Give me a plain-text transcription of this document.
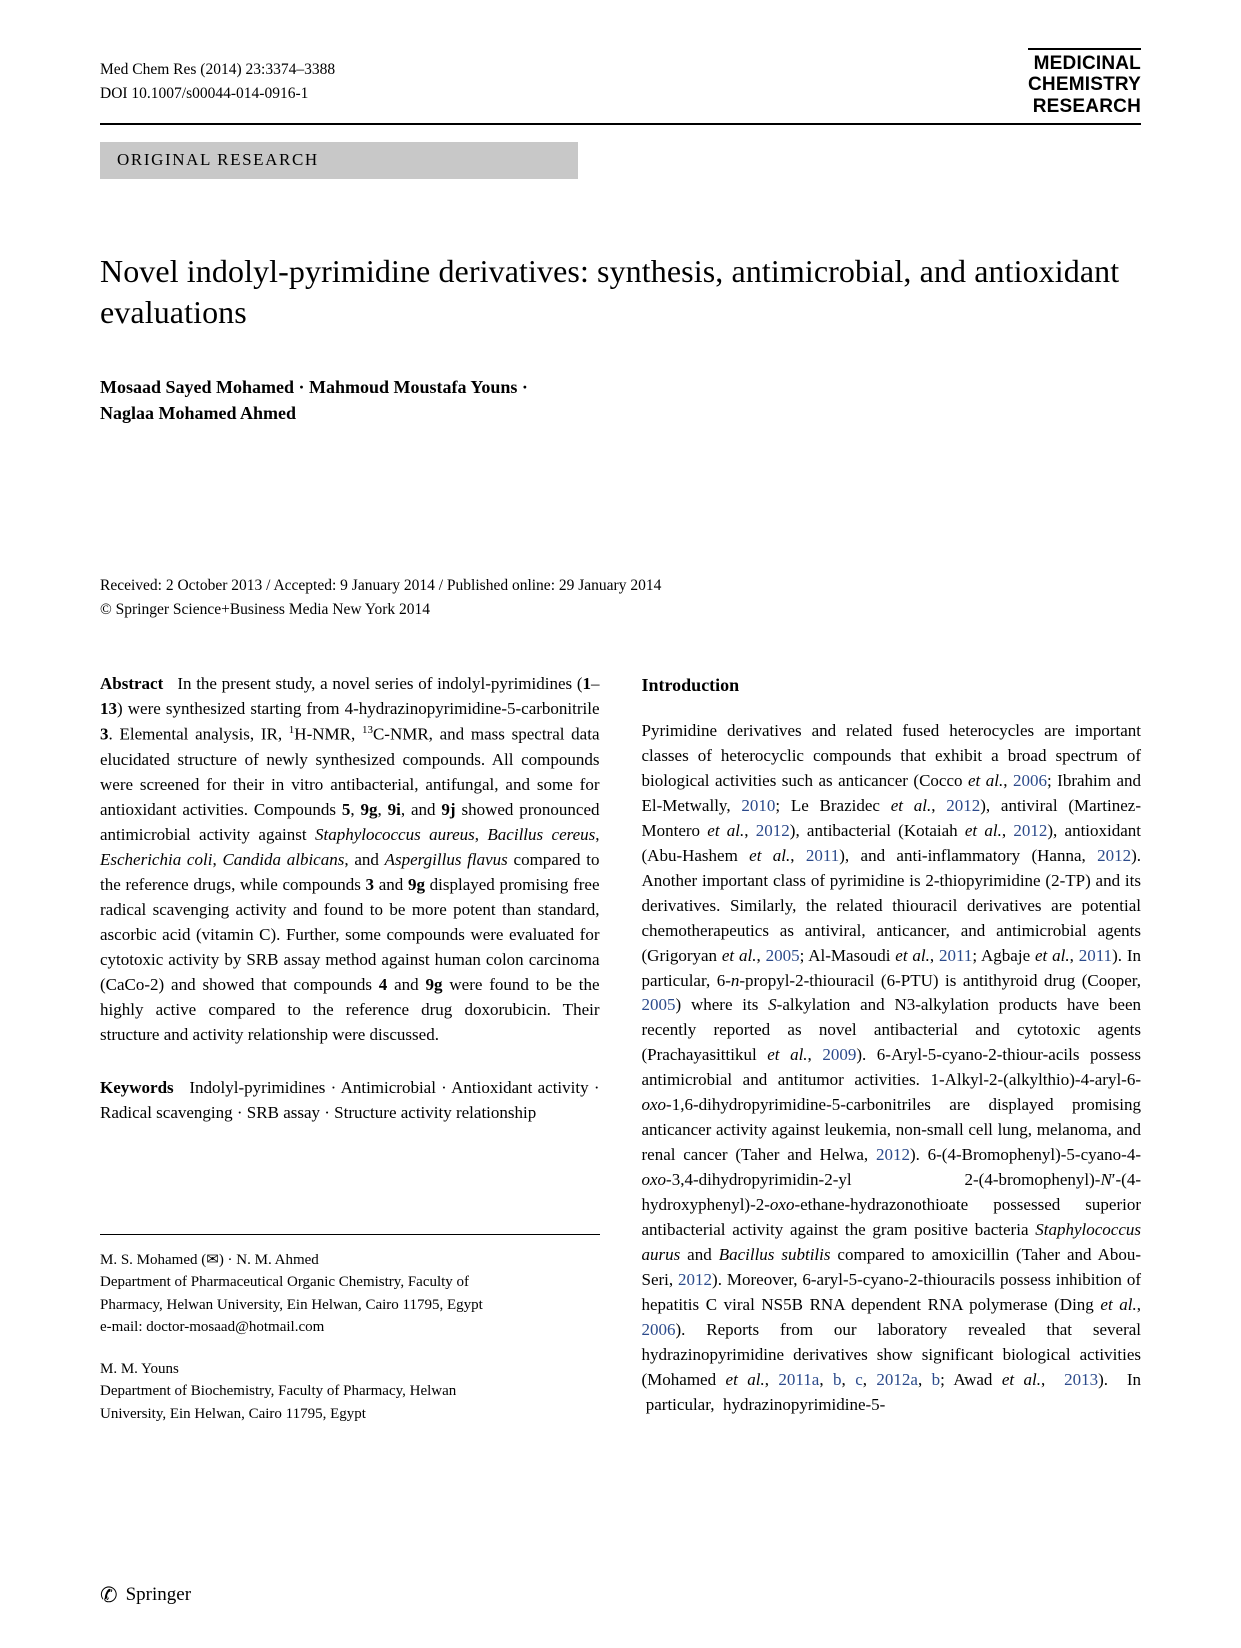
Med Chem Res (2014) 23:3374–3388
DOI 10.1007/s00044-014-0916-1
MEDICINAL
CHEMISTRY
RESEARCH
ORIGINAL RESEARCH
Novel indolyl-pyrimidine derivatives: synthesis, antimicrobial, and antioxidant evaluations
Mosaad Sayed Mohamed · Mahmoud Moustafa Youns ·
Naglaa Mohamed Ahmed
Received: 2 October 2013 / Accepted: 9 January 2014 / Published online: 29 January 2014
© Springer Science+Business Media New York 2014

Abstract   In the present study, a novel series of indolyl-pyrimidines (1–13) were synthesized starting from 4-hydrazinopyrimidine-5-carbonitrile 3. Elemental analysis, IR, $^1$H-NMR, $^{13}$C-NMR, and mass spectral data elucidated structure of newly synthesized compounds. All compounds were screened for their in vitro antibacterial, antifungal, and some for antioxidant activities. Compounds 5, 9g, 9i, and 9j showed pronounced antimicrobial activity against Staphylococcus aureus, Bacillus cereus, Escherichia coli, Candida albicans, and Aspergillus flavus compared to the reference drugs, while compounds 3 and 9g displayed promising free radical scavenging activity and found to be more potent than standard, ascorbic acid (vitamin C). Further, some compounds were evaluated for cytotoxic activity by SRB assay method against human colon carcinoma (CaCo-2) and showed that compounds 4 and 9g were found to be the highly active compared to the reference drug doxorubicin. Their structure and activity relationship were discussed.

Keywords   Indolyl-pyrimidines · Antimicrobial · Antioxidant activity · Radical scavenging · SRB assay · Structure activity relationship

M. S. Mohamed (✉) · N. M. Ahmed

Department of Pharmaceutical Organic Chemistry, Faculty of

Pharmacy, Helwan University, Ein Helwan, Cairo 11795, Egypt

e-mail: doctor-mosaad@hotmail.com

M. M. Youns

Department of Biochemistry, Faculty of Pharmacy, Helwan

University, Ein Helwan, Cairo 11795, Egypt

Introduction

Pyrimidine derivatives and related fused heterocycles are important classes of heterocyclic compounds that exhibit a broad spectrum of biological activities such as anticancer (Cocco et al., 2006; Ibrahim and El-Metwally, 2010; Le Brazidec et al., 2012), antiviral (Martinez-Montero et al., 2012), antibacterial (Kotaiah et al., 2012), antioxidant (Abu-Hashem et al., 2011), and anti-inflammatory (Hanna, 2012). Another important class of pyrimidine is 2-thiopyrimidine (2-TP) and its derivatives. Similarly, the related thiouracil derivatives are potential chemotherapeutics as antiviral, anticancer, and antimicrobial agents (Grigoryan et al., 2005; Al-Masoudi et al., 2011; Agbaje et al., 2011). In particular, 6-n-propyl-2-thiouracil (6-PTU) is antithyroid drug (Cooper, 2005) where its S-alkylation and N3-alkylation products have been recently reported as novel antibacterial and cytotoxic agents (Prachayasittikul et al., 2009). 6-Aryl-5-cyano-2-thiour-acils possess antimicrobial and antitumor activities. 1-Alkyl-2-(alkylthio)-4-aryl-6-oxo-1,6-dihydropyrimidine-5-carbonitriles are displayed promising anticancer activity against leukemia, non-small cell lung, melanoma, and renal cancer (Taher and Helwa, 2012). 6-(4-Bromophenyl)-5-cyano-4-oxo-3,4-dihydropyrimidin-2-yl   2-(4-bromophenyl)-N′-(4-hydroxyphenyl)-2-oxo-ethane-hydrazonothioate possessed superior antibacterial activity against the gram positive bacteria Staphylococcus aurus and Bacillus subtilis compared to amoxicillin (Taher and Abou-Seri, 2012). Moreover, 6-aryl-5-cyano-2-thiouracils possess inhibition of hepatitis C viral NS5B RNA dependent RNA polymerase (Ding et al., 2006). Reports from our laboratory revealed that several hydrazinopyrimidine derivatives show significant biological activities (Mohamed et al., 2011a, b, c, 2012a, b; Awad et al.,  2013).  In  particular,  hydrazinopyrimidine-5-

✆ Springer
